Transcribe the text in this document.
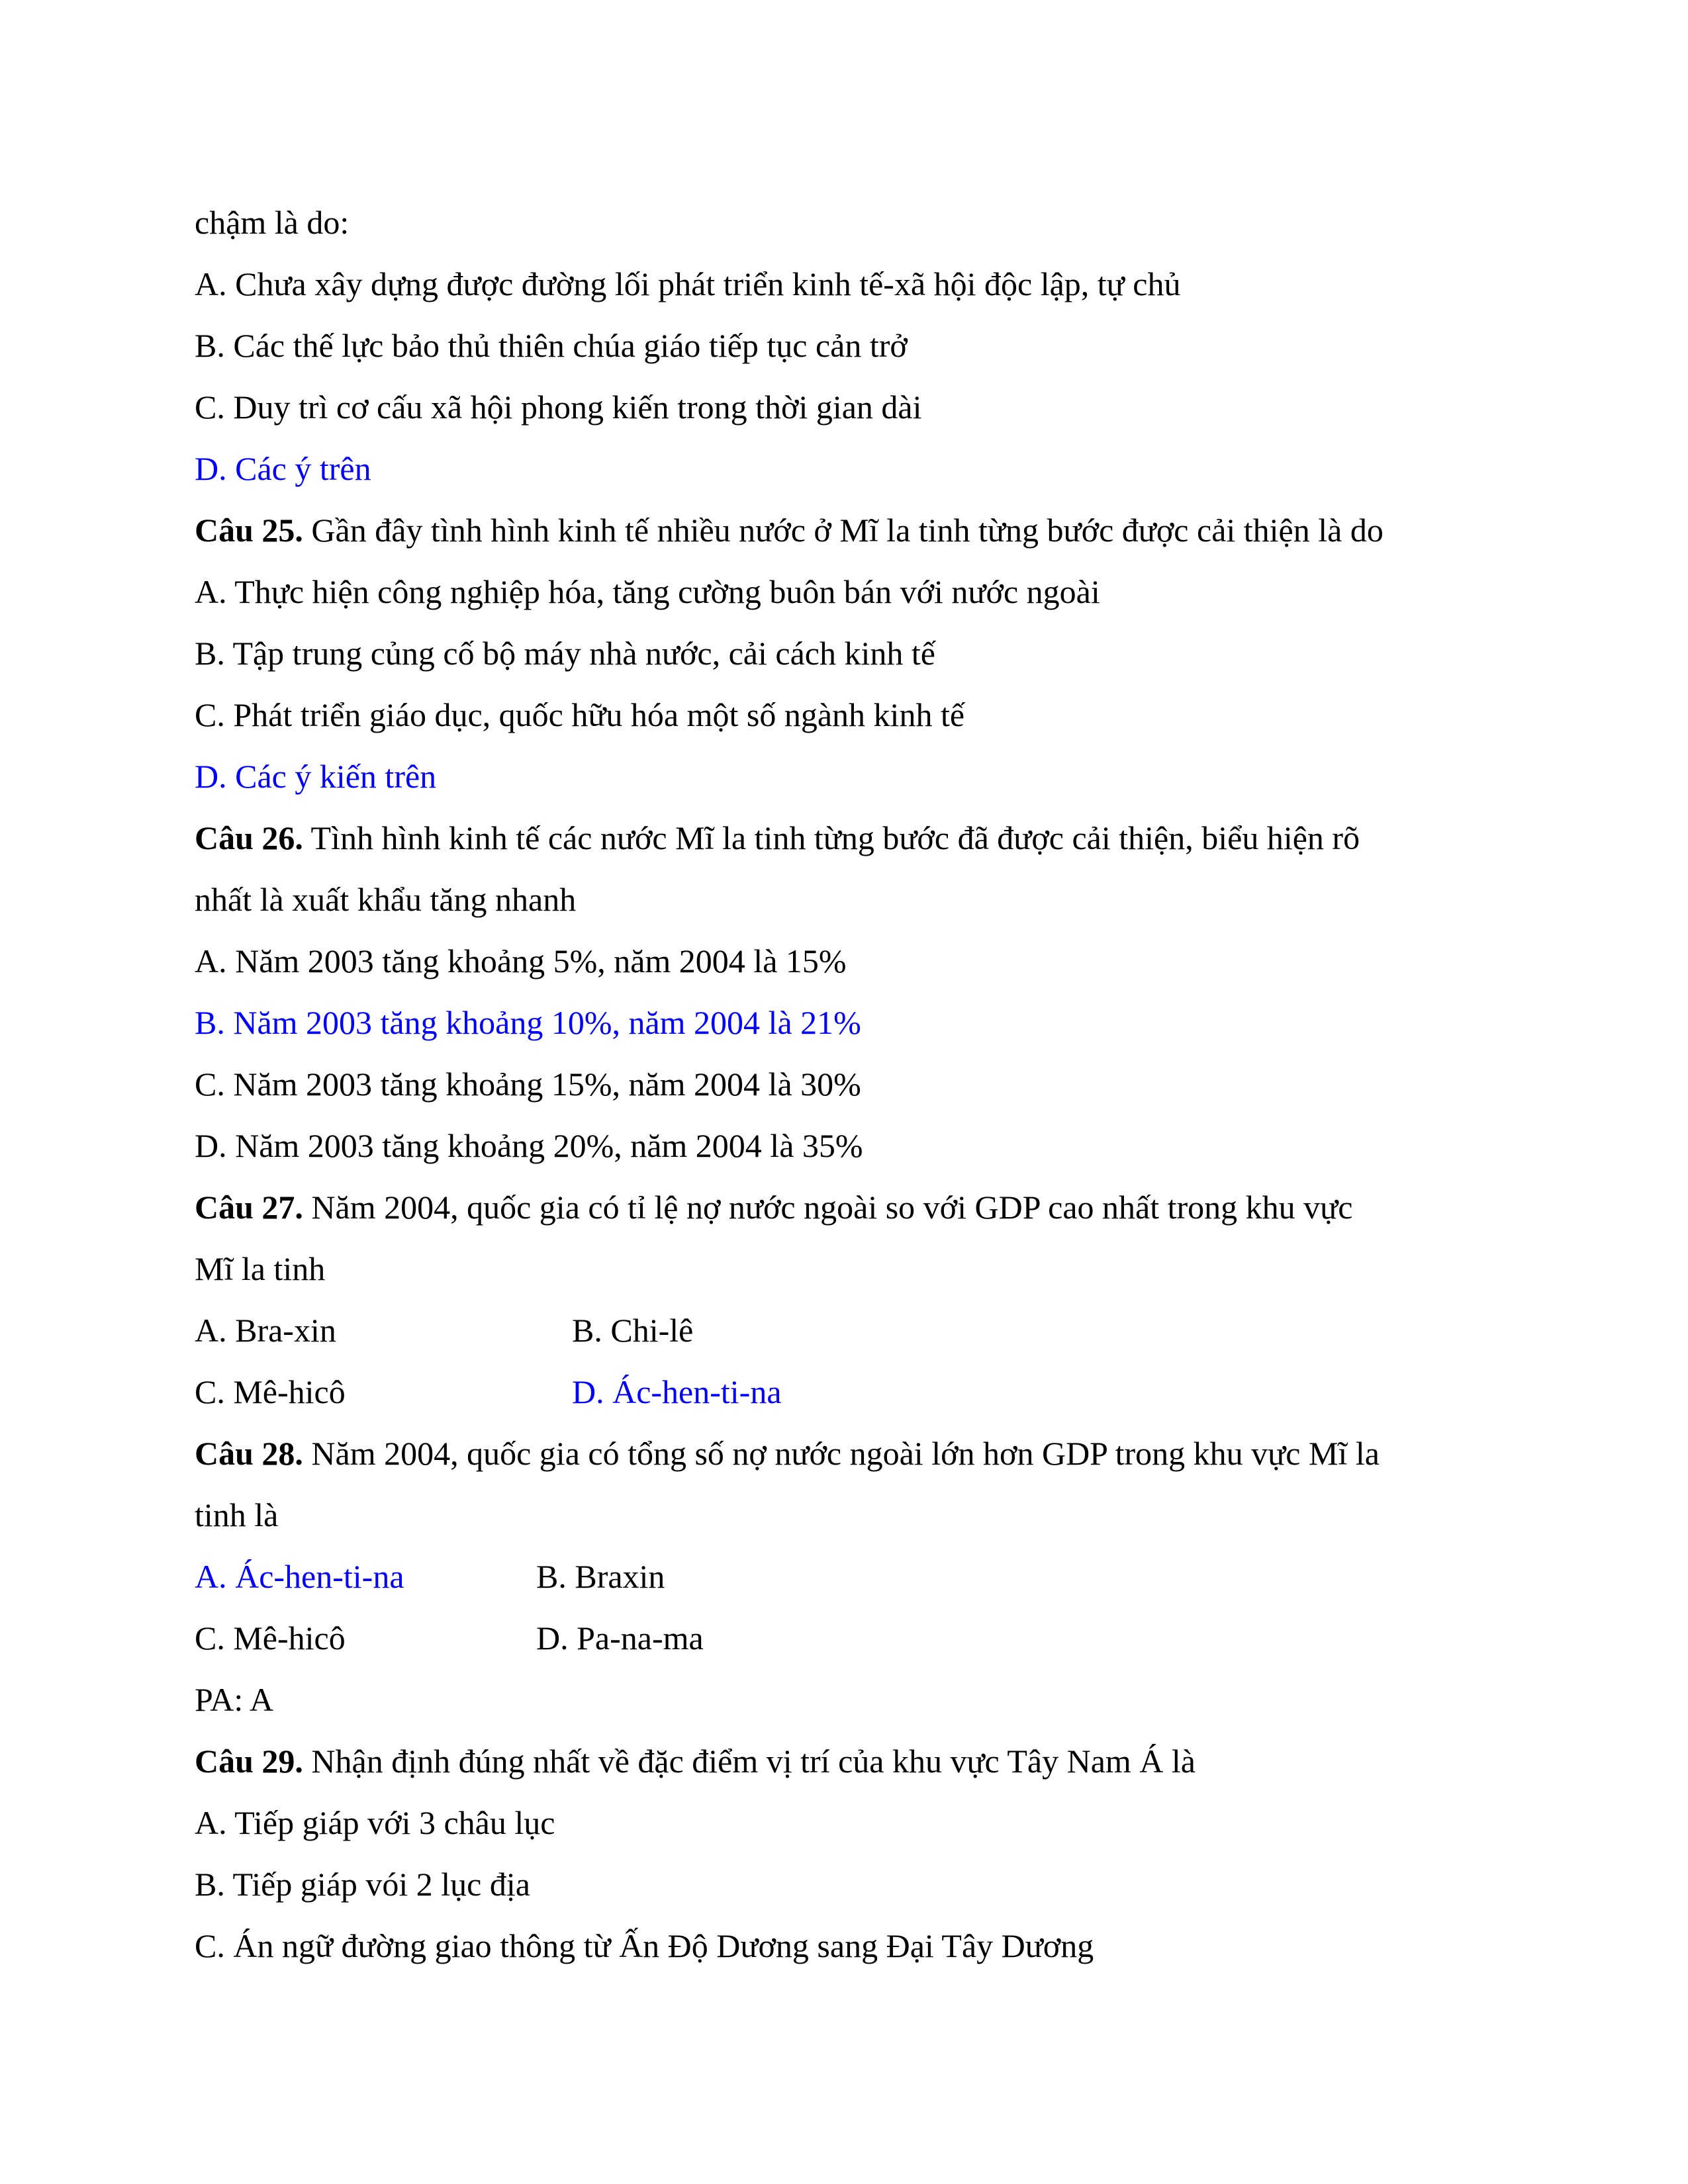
chậm là do:
A. Chưa xây dựng được đường lối phát triển kinh tế-xã hội độc lập, tự chủ
B. Các thế lực bảo thủ thiên chúa giáo tiếp tục cản trở
C. Duy trì cơ cấu xã hội phong kiến trong thời gian dài
D. Các ý trên
Câu 25. Gần đây tình hình kinh tế nhiều nước ở Mĩ la tinh từng bước được cải thiện là do
A. Thực hiện công nghiệp hóa, tăng cường buôn bán với nước ngoài
B. Tập trung củng cố bộ máy nhà nước, cải cách kinh tế
C. Phát triển giáo dục, quốc hữu hóa một số ngành kinh tế
D. Các ý kiến trên
Câu 26. Tình hình kinh tế các nước Mĩ la tinh từng bước đã được cải thiện, biểu hiện rõ
nhất là xuất khẩu tăng nhanh
A. Năm 2003 tăng khoảng 5%, năm 2004 là 15%
B. Năm 2003 tăng khoảng 10%, năm 2004 là 21%
C. Năm 2003 tăng khoảng 15%, năm 2004 là 30%
D. Năm 2003 tăng khoảng 20%, năm 2004 là 35%
Câu 27. Năm 2004, quốc gia có tỉ lệ nợ nước ngoài so với GDP cao nhất trong khu vực
Mĩ la tinh
A. Bra-xin	B. Chi-lê
C. Mê-hicô	D. Ác-hen-ti-na
Câu 28. Năm 2004, quốc gia có tổng số nợ nước ngoài lớn hơn GDP trong khu vực Mĩ la
tinh là
A. Ác-hen-ti-na	B. Braxin
C. Mê-hicô	D. Pa-na-ma
PA: A
Câu 29. Nhận định đúng nhất về đặc điểm vị trí của khu vực Tây Nam Á là
A. Tiếp giáp với 3 châu lục
B. Tiếp giáp vói 2 lục địa
C. Án ngữ đường giao thông từ Ấn Độ Dương sang Đại Tây Dương
